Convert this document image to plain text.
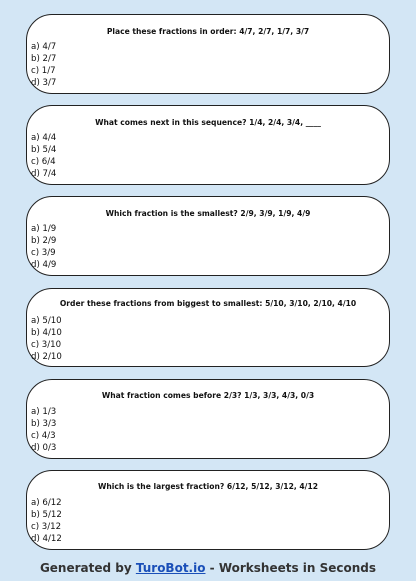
Place these fractions in order: 4/7, 2/7, 1/7, 3/7
a) 4/7
b) 2/7
c) 1/7
d) 3/7
What comes next in this sequence? 1/4, 2/4, 3/4, ____
a) 4/4
b) 5/4
c) 6/4
d) 7/4
Which fraction is the smallest? 2/9, 3/9, 1/9, 4/9
a) 1/9
b) 2/9
c) 3/9
d) 4/9
Order these fractions from biggest to smallest: 5/10, 3/10, 2/10, 4/10
a) 5/10
b) 4/10
c) 3/10
d) 2/10
What fraction comes before 2/3? 1/3, 3/3, 4/3, 0/3
a) 1/3
b) 3/3
c) 4/3
d) 0/3
Which is the largest fraction? 6/12, 5/12, 3/12, 4/12
a) 6/12
b) 5/12
c) 3/12
d) 4/12
Generated by TuroBot.io - Worksheets in Seconds
